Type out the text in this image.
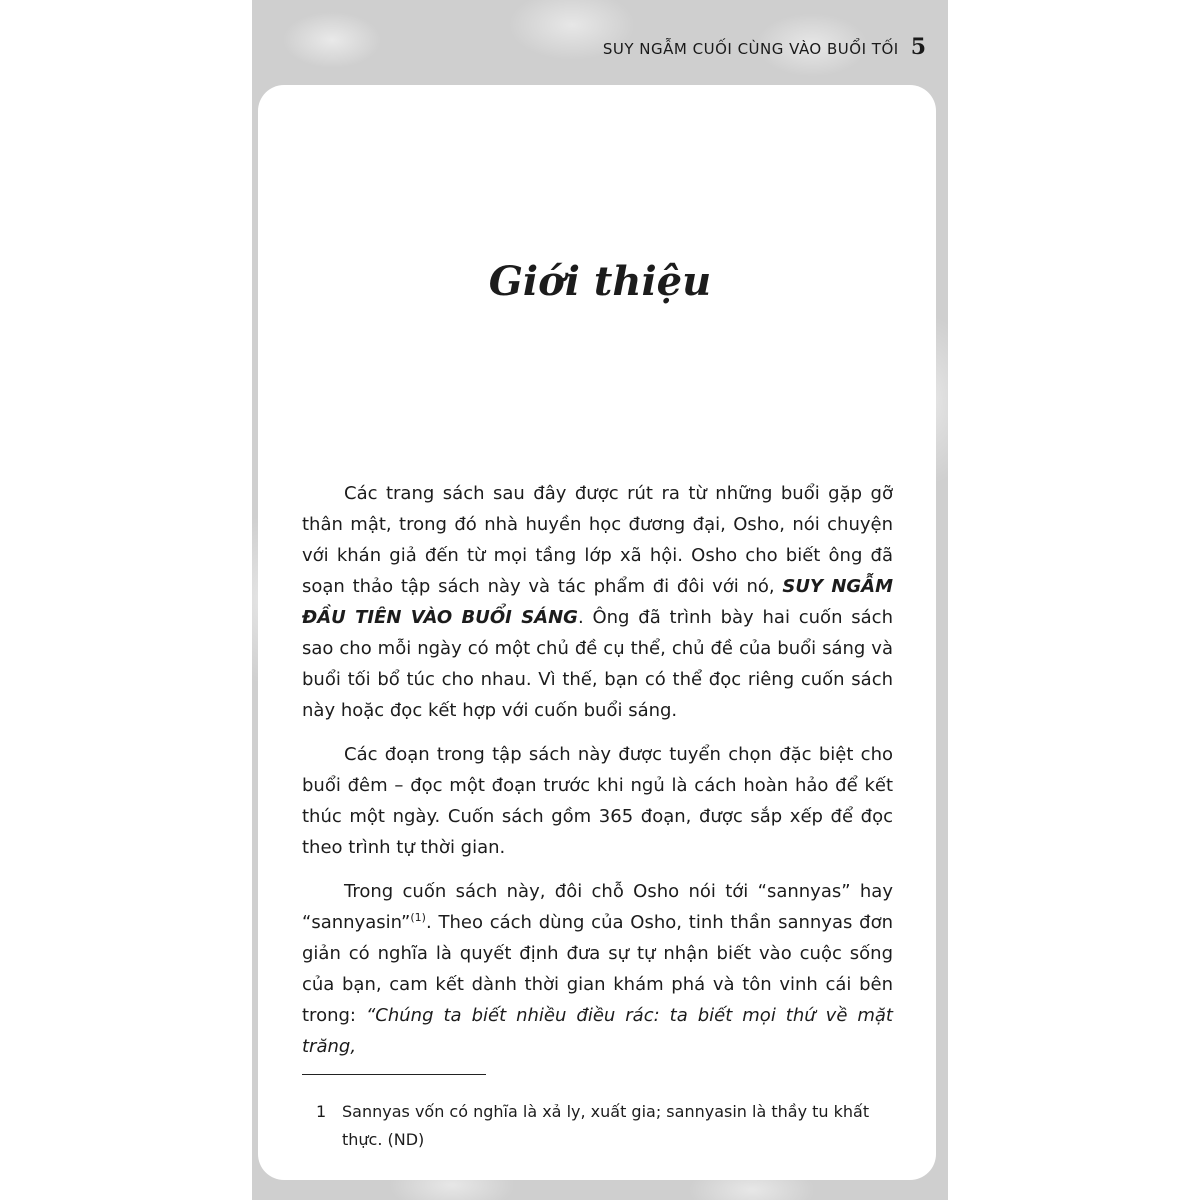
SUY NGẪM CUỐI CÙNG VÀO BUỔI TỐI 5
Giới thiệu

Các trang sách sau đây được rút ra từ những buổi gặp gỡ thân mật, trong đó nhà huyền học đương đại, Osho, nói chuyện với khán giả đến từ mọi tầng lớp xã hội. Osho cho biết ông đã soạn thảo tập sách này và tác phẩm đi đôi với nó, SUY NGẪM ĐẦU TIÊN VÀO BUỔI SÁNG. Ông đã trình bày hai cuốn sách sao cho mỗi ngày có một chủ đề cụ thể, chủ đề của buổi sáng và buổi tối bổ túc cho nhau. Vì thế, bạn có thể đọc riêng cuốn sách này hoặc đọc kết hợp với cuốn buổi sáng.

Các đoạn trong tập sách này được tuyển chọn đặc biệt cho buổi đêm – đọc một đoạn trước khi ngủ là cách hoàn hảo để kết thúc một ngày. Cuốn sách gồm 365 đoạn, được sắp xếp để đọc theo trình tự thời gian.

Trong cuốn sách này, đôi chỗ Osho nói tới “sannyas” hay “sannyasin”$^{(1)}$. Theo cách dùng của Osho, tinh thần sannyas đơn giản có nghĩa là quyết định đưa sự tự nhận biết vào cuộc sống của bạn, cam kết dành thời gian khám phá và tôn vinh cái bên trong: “Chúng ta biết nhiều điều rác: ta biết mọi thứ về mặt trăng,

1 Sannyas vốn có nghĩa là xả ly, xuất gia; sannyasin là thầy tu khất thực. (ND)
